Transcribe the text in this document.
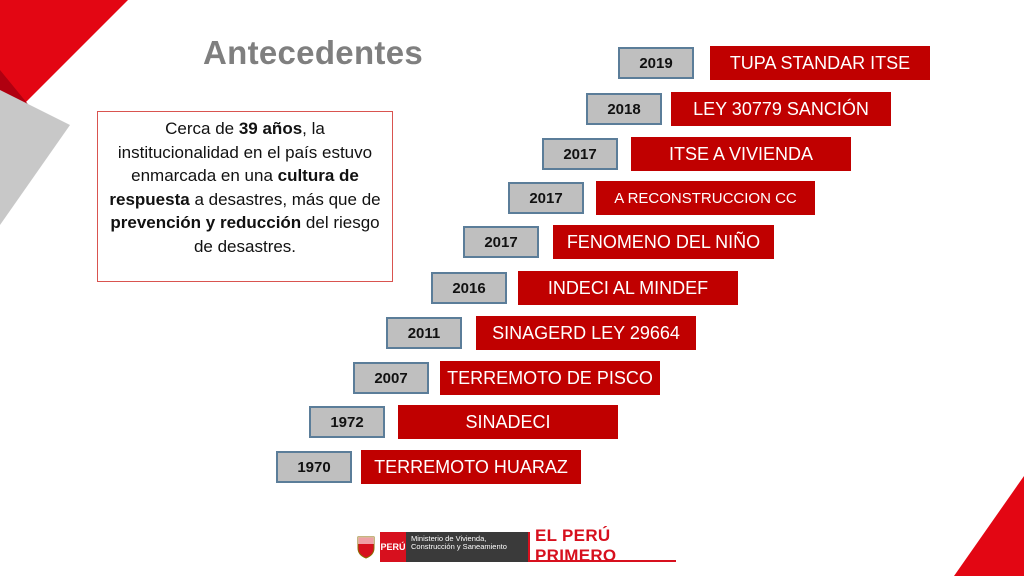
Antecedentes
Cerca de 39 años, la institucionalidad en el país estuvo enmarcada en una cultura de respuesta a desastres, más que de prevención y reducción del riesgo de desastres.
2019	TUPA STANDAR ITSE
2018	LEY 30779 SANCIÓN
2017	ITSE A VIVIENDA
2017	A RECONSTRUCCION CC
2017	FENOMENO DEL NIÑO
2016	INDECI AL MINDEF
2011	SINAGERD LEY 29664
2007	TERREMOTO DE PISCO
1972	SINADECI
1970	TERREMOTO HUARAZ
PERÚ
Ministerio de Vivienda, Construcción y Saneamiento
EL PERÚ PRIMERO
